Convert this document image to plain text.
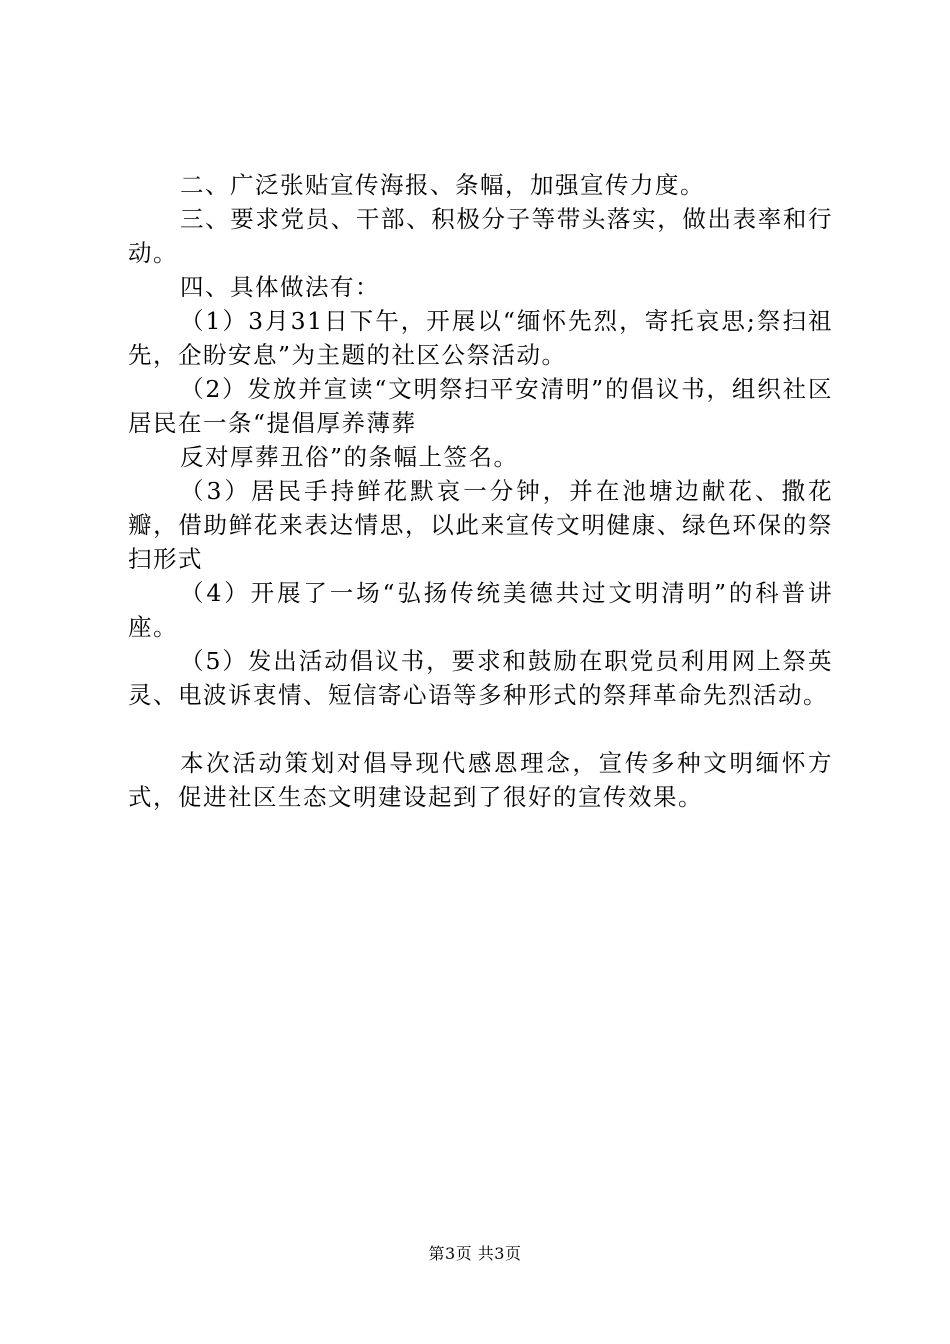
二、广泛张贴宣传海报、条幅，加强宣传力度。

三、要求党员、干部、积极分子等带头落实，做出表率和行动。

四、具体做法有：

（1）3月31日下午，开展以“缅怀先烈，寄托哀思;祭扫祖先，企盼安息”为主题的社区公祭活动。

（2）发放并宣读“文明祭扫平安清明”的倡议书，组织社区居民在一条“提倡厚养薄葬

反对厚葬丑俗”的条幅上签名。

（3）居民手持鲜花默哀一分钟，并在池塘边献花、撒花瓣，借助鲜花来表达情思，以此来宣传文明健康、绿色环保的祭扫形式

（4）开展了一场“弘扬传统美德共过文明清明”的科普讲座。

（5）发出活动倡议书，要求和鼓励在职党员利用网上祭英灵、电波诉衷情、短信寄心语等多种形式的祭拜革命先烈活动。

本次活动策划对倡导现代感恩理念，宣传多种文明缅怀方式，促进社区生态文明建设起到了很好的宣传效果。

第3页 共3页
